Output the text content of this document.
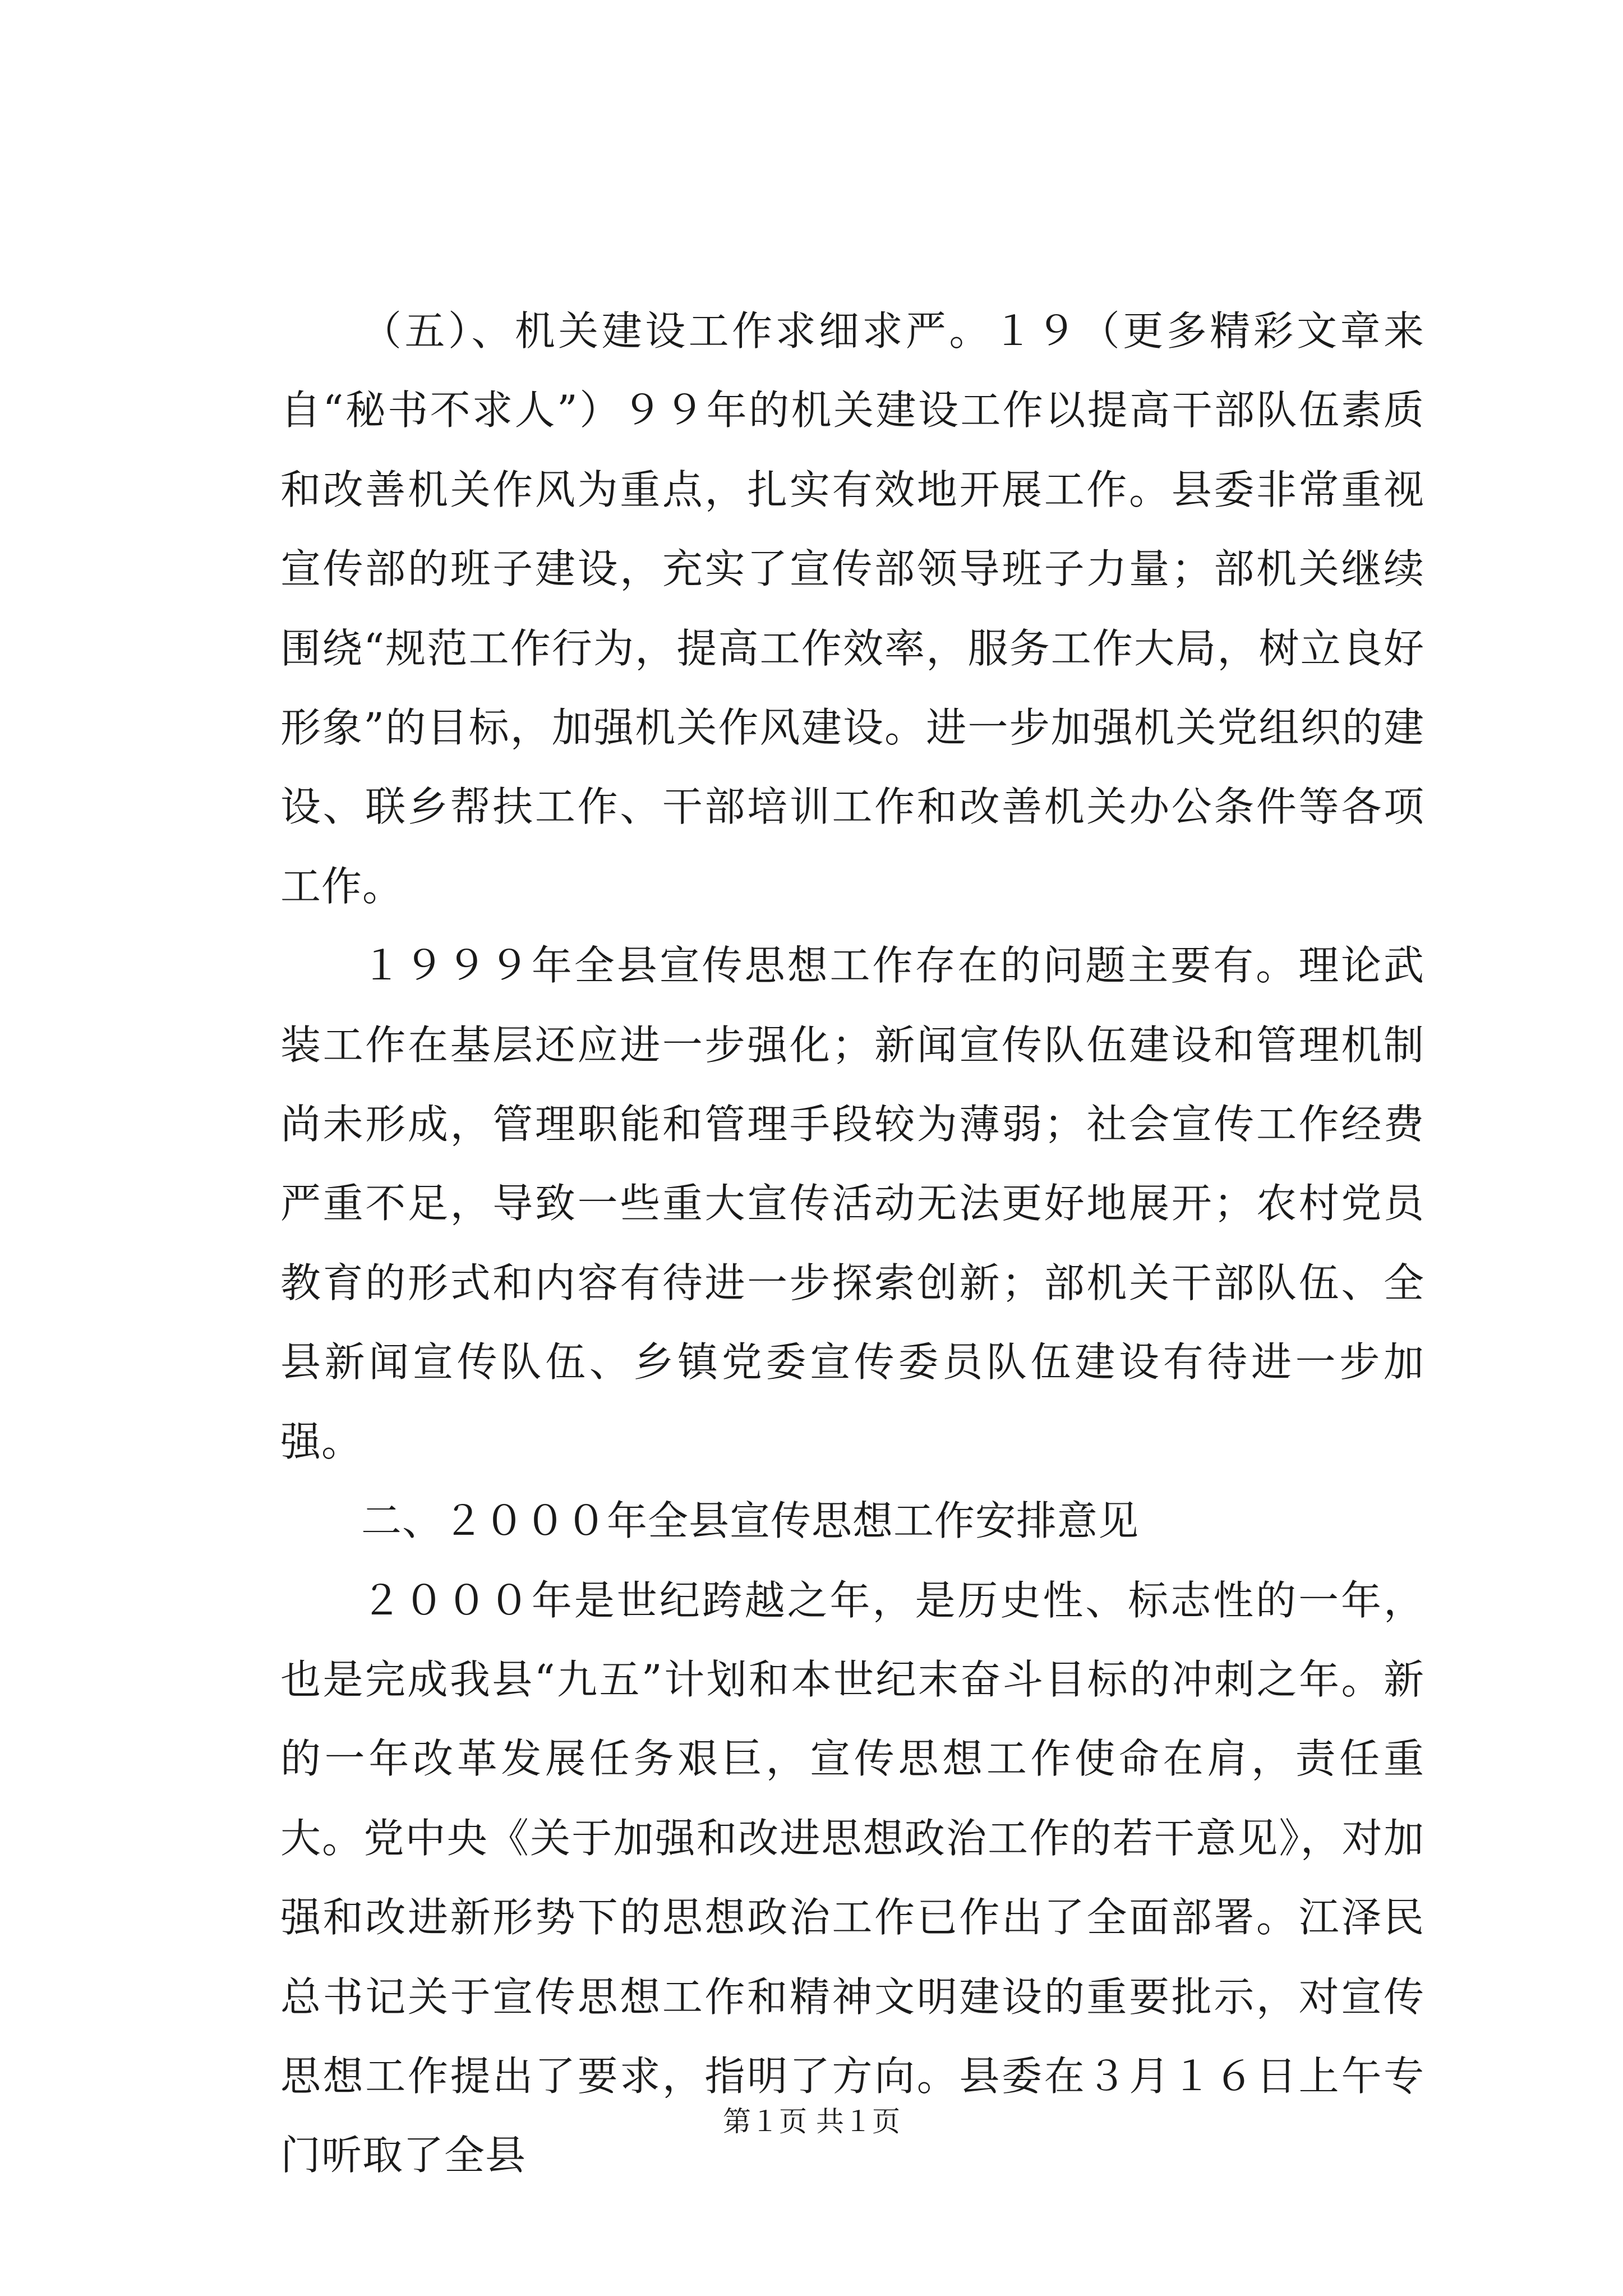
（五）、机关建设工作求细求严。１９（更多精彩文章来自“秘书不求人”）９９年的机关建设工作以提高干部队伍素质和改善机关作风为重点，扎实有效地开展工作。县委非常重视宣传部的班子建设，充实了宣传部领导班子力量；部机关继续围绕“规范工作行为，提高工作效率，服务工作大局，树立良好形象”的目标，加强机关作风建设。进一步加强机关党组织的建设、联乡帮扶工作、干部培训工作和改善机关办公条件等各项工作。

１９９９年全县宣传思想工作存在的问题主要有。理论武装工作在基层还应进一步强化；新闻宣传队伍建设和管理机制尚未形成，管理职能和管理手段较为薄弱；社会宣传工作经费严重不足，导致一些重大宣传活动无法更好地展开；农村党员教育的形式和内容有待进一步探索创新；部机关干部队伍、全县新闻宣传队伍、乡镇党委宣传委员队伍建设有待进一步加强。

二、２０００年全县宣传思想工作安排意见

２０００年是世纪跨越之年，是历史性、标志性的一年，也是完成我县“九五”计划和本世纪末奋斗目标的冲刺之年。新的一年改革发展任务艰巨，宣传思想工作使命在肩，责任重大。党中央《关于加强和改进思想政治工作的若干意见》，对加强和改进新形势下的思想政治工作已作出了全面部署。江泽民总书记关于宣传思想工作和精神文明建设的重要批示，对宣传思想工作提出了要求，指明了方向。县委在３月１６日上午专门听取了全县

第１页 共１页
